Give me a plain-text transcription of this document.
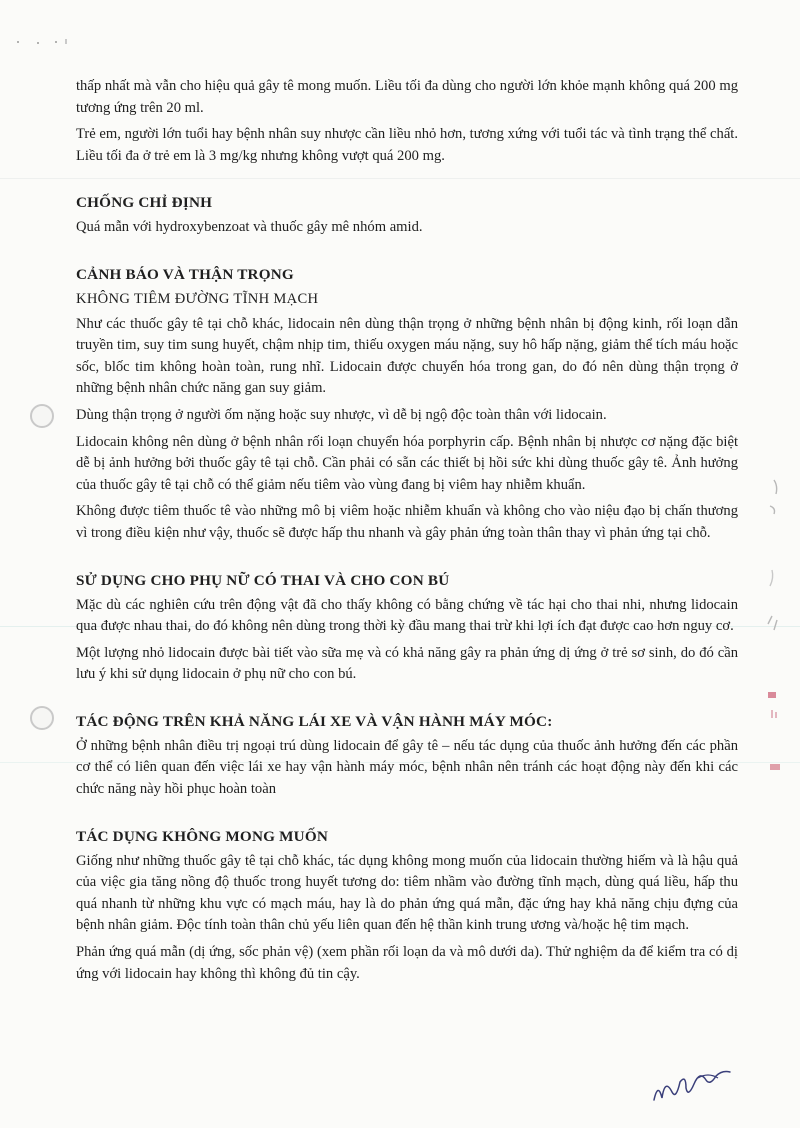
thấp nhất mà vẫn cho hiệu quả gây tê mong muốn. Liều tối đa dùng cho người lớn khỏe mạnh không quá 200 mg tương ứng trên 20 ml.

Trẻ em, người lớn tuổi hay bệnh nhân suy nhược cần liều nhỏ hơn, tương xứng với tuổi tác và tình trạng thể chất. Liều tối đa ở trẻ em là 3 mg/kg nhưng không vượt quá 200 mg.

CHỐNG CHỈ ĐỊNH

Quá mẫn với hydroxybenzoat và thuốc gây mê nhóm amid.

CẢNH BÁO VÀ THẬN TRỌNG
KHÔNG TIÊM ĐƯỜNG TĨNH MẠCH

Như các thuốc gây tê tại chỗ khác, lidocain nên dùng thận trọng ở những bệnh nhân bị động kinh, rối loạn dẫn truyền tim, suy tim sung huyết, chậm nhịp tim, thiếu oxygen máu nặng, suy hô hấp nặng, giảm thể tích máu hoặc sốc, blốc tim không hoàn toàn, rung nhĩ. Lidocain được chuyển hóa trong gan, do đó nên dùng thận trọng ở những bệnh nhân chức năng gan suy giảm.

Dùng thận trọng ở người ốm nặng hoặc suy nhược, vì dễ bị ngộ độc toàn thân với lidocain.

Lidocain không nên dùng ở bệnh nhân rối loạn chuyển hóa porphyrin cấp. Bệnh nhân bị nhược cơ nặng đặc biệt dễ bị ảnh hưởng bởi thuốc gây tê tại chỗ. Cần phải có sẵn các thiết bị hồi sức khi dùng thuốc gây tê. Ảnh hưởng của thuốc gây tê tại chỗ có thể giảm nếu tiêm vào vùng đang bị viêm hay nhiễm khuẩn.

Không được tiêm thuốc tê vào những mô bị viêm hoặc nhiễm khuẩn và không cho vào niệu đạo bị chấn thương vì trong điều kiện như vậy, thuốc sẽ được hấp thu nhanh và gây phản ứng toàn thân thay vì phản ứng tại chỗ.

SỬ DỤNG CHO PHỤ NỮ CÓ THAI VÀ CHO CON BÚ

Mặc dù các nghiên cứu trên động vật đã cho thấy không có bằng chứng về tác hại cho thai nhi, nhưng lidocain qua được nhau thai, do đó không nên dùng trong thời kỳ đầu mang thai trừ khi lợi ích đạt được cao hơn nguy cơ.

Một lượng nhỏ lidocain được bài tiết vào sữa mẹ và có khả năng gây ra phản ứng dị ứng ở trẻ sơ sinh, do đó cần lưu ý khi sử dụng lidocain ở phụ nữ cho con bú.

TÁC ĐỘNG TRÊN KHẢ NĂNG LÁI XE VÀ VẬN HÀNH MÁY MÓC:

Ở những bệnh nhân điều trị ngoại trú dùng lidocain để gây tê – nếu tác dụng của thuốc ảnh hưởng đến các phần cơ thể có liên quan đến việc lái xe hay vận hành máy móc, bệnh nhân nên tránh các hoạt động này đến khi các chức năng này hồi phục hoàn toàn

TÁC DỤNG KHÔNG MONG MUỐN

Giống như những thuốc gây tê tại chỗ khác, tác dụng không mong muốn của lidocain thường hiếm và là hậu quả của việc gia tăng nồng độ thuốc trong huyết tương do: tiêm nhầm vào đường tĩnh mạch, dùng quá liều, hấp thu quá nhanh từ những khu vực có mạch máu, hay là do phản ứng quá mẫn, đặc ứng hay khả năng chịu đựng của bệnh nhân giảm. Độc tính toàn thân chủ yếu liên quan đến hệ thần kinh trung ương và/hoặc hệ tim mạch.

Phản ứng quá mẫn (dị ứng, sốc phản vệ) (xem phần rối loạn da và mô dưới da). Thử nghiệm da để kiểm tra có dị ứng với lidocain hay không thì không đủ tin cậy.
